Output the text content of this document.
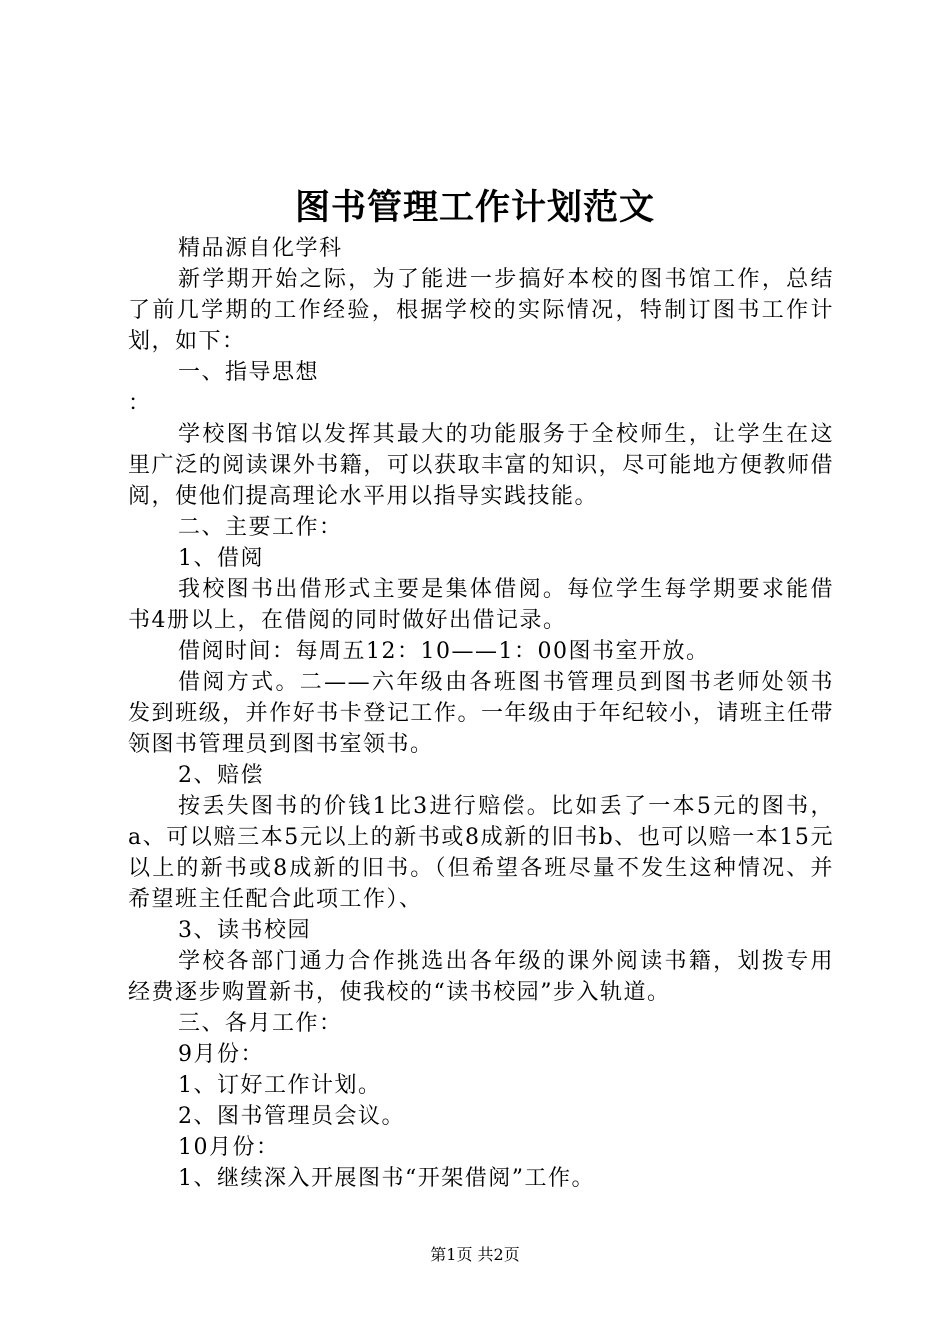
图书管理工作计划范文

精品源自化学科

新学期开始之际，为了能进一步搞好本校的图书馆工作，总结了前几学期的工作经验，根据学校的实际情况，特制订图书工作计划，如下：

一、指导思想

：

学校图书馆以发挥其最大的功能服务于全校师生，让学生在这里广泛的阅读课外书籍，可以获取丰富的知识，尽可能地方便教师借阅，使他们提高理论水平用以指导实践技能。

二、主要工作：

1、借阅

我校图书出借形式主要是集体借阅。每位学生每学期要求能借书4册以上，在借阅的同时做好出借记录。

借阅时间：每周五12：10——1：00图书室开放。

借阅方式。二——六年级由各班图书管理员到图书老师处领书发到班级，并作好书卡登记工作。一年级由于年纪较小，请班主任带领图书管理员到图书室领书。

2、赔偿

按丢失图书的价钱1比3进行赔偿。比如丢了一本5元的图书，a、可以赔三本5元以上的新书或8成新的旧书b、也可以赔一本15元以上的新书或8成新的旧书。（但希望各班尽量不发生这种情况、并希望班主任配合此项工作）、

3、读书校园

学校各部门通力合作挑选出各年级的课外阅读书籍，划拨专用经费逐步购置新书，使我校的“读书校园”步入轨道。

三、各月工作：

9月份：

1、订好工作计划。

2、图书管理员会议。

10月份：

1、继续深入开展图书“开架借阅”工作。

第1页 共2页
